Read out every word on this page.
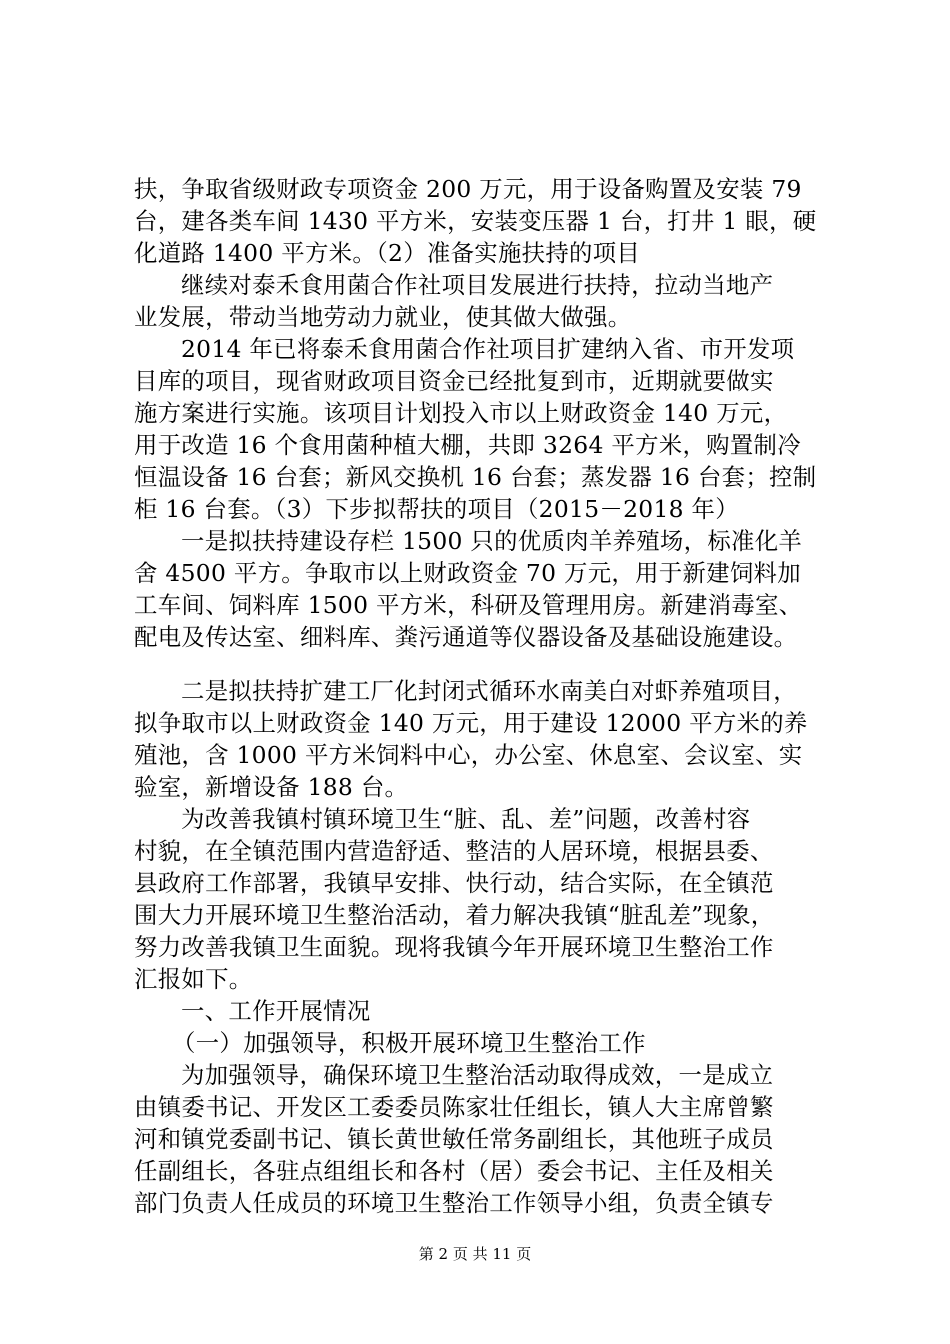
扶，争取省级财政专项资金 200 万元，用于设备购置及安装 79
台，建各类车间 1430 平方米，安装变压器 1 台，打井 1 眼，硬
化道路 1400 平方米。（2）准备实施扶持的项目
继续对泰禾食用菌合作社项目发展进行扶持，拉动当地产
业发展，带动当地劳动力就业，使其做大做强。
2014 年已将泰禾食用菌合作社项目扩建纳入省、市开发项
目库的项目，现省财政项目资金已经批复到市，近期就要做实
施方案进行实施。该项目计划投入市以上财政资金 140 万元，
用于改造 16 个食用菌种植大棚，共即 3264 平方米，购置制冷
恒温设备 16 台套；新风交换机 16 台套；蒸发器 16 台套；控制
柜 16 台套。（3）下步拟帮扶的项目（2015－2018 年）
一是拟扶持建设存栏 1500 只的优质肉羊养殖场，标准化羊
舍 4500 平方。争取市以上财政资金 70 万元，用于新建饲料加
工车间、饲料库 1500 平方米，科研及管理用房。新建消毒室、
配电及传达室、细料库、粪污通道等仪器设备及基础设施建设。
二是拟扶持扩建工厂化封闭式循环水南美白对虾养殖项目，
拟争取市以上财政资金 140 万元，用于建设 12000 平方米的养
殖池，含 1000 平方米饲料中心，办公室、休息室、会议室、实
验室，新增设备 188 台。
为改善我镇村镇环境卫生“脏、乱、差”问题，改善村容
村貌，在全镇范围内营造舒适、整洁的人居环境，根据县委、
县政府工作部署，我镇早安排、快行动，结合实际，在全镇范
围大力开展环境卫生整治活动，着力解决我镇“脏乱差”现象，
努力改善我镇卫生面貌。现将我镇今年开展环境卫生整治工作
汇报如下。
一、工作开展情况
（一）加强领导，积极开展环境卫生整治工作
为加强领导，确保环境卫生整治活动取得成效，一是成立
由镇委书记、开发区工委委员陈家壮任组长，镇人大主席曾繁
河和镇党委副书记、镇长黄世敏任常务副组长，其他班子成员
任副组长，各驻点组组长和各村（居）委会书记、主任及相关
部门负责人任成员的环境卫生整治工作领导小组，负责全镇专
第 2 页 共 11 页
